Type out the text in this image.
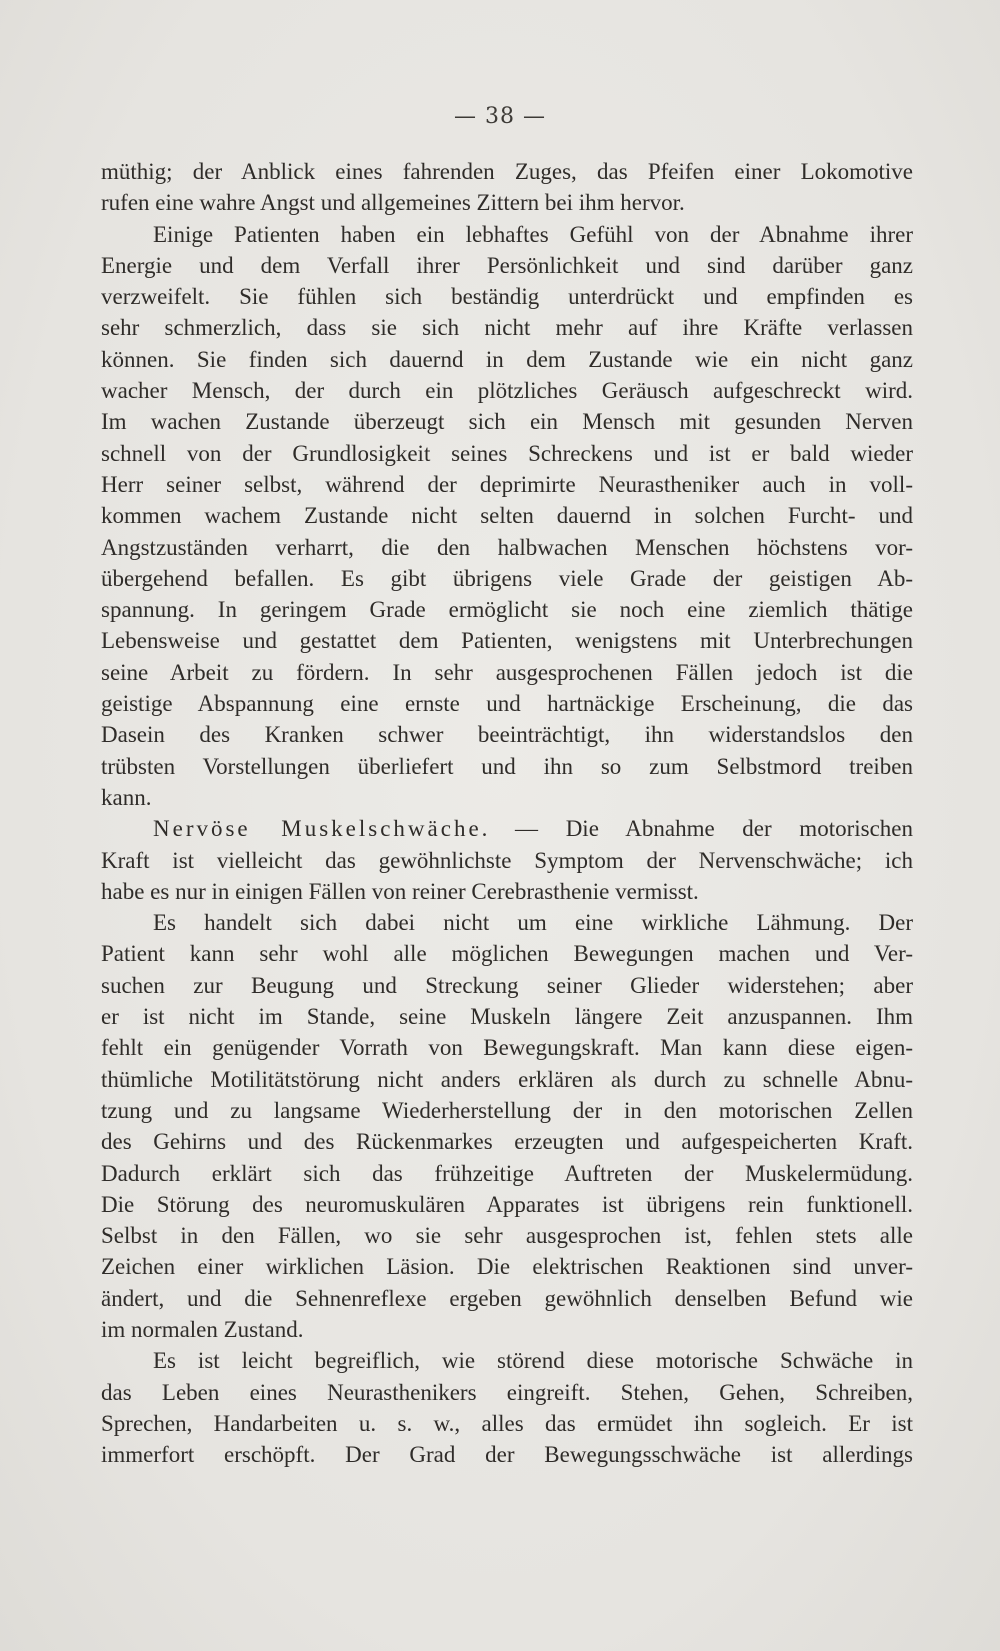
— 38 —
müthig; der Anblick eines fahrenden Zuges, das Pfeifen einer Lokomotive
rufen eine wahre Angst und allgemeines Zittern bei ihm hervor.
Einige Patienten haben ein lebhaftes Gefühl von der Abnahme ihrer
Energie und dem Verfall ihrer Persönlichkeit und sind darüber ganz
verzweifelt. Sie fühlen sich beständig unterdrückt und empfinden es
sehr schmerzlich, dass sie sich nicht mehr auf ihre Kräfte verlassen
können. Sie finden sich dauernd in dem Zustande wie ein nicht ganz
wacher Mensch, der durch ein plötzliches Geräusch aufgeschreckt wird.
Im wachen Zustande überzeugt sich ein Mensch mit gesunden Nerven
schnell von der Grundlosigkeit seines Schreckens und ist er bald wieder
Herr seiner selbst, während der deprimirte Neurastheniker auch in voll-
kommen wachem Zustande nicht selten dauernd in solchen Furcht- und
Angstzuständen verharrt, die den halbwachen Menschen höchstens vor-
übergehend befallen. Es gibt übrigens viele Grade der geistigen Ab-
spannung. In geringem Grade ermöglicht sie noch eine ziemlich thätige
Lebensweise und gestattet dem Patienten, wenigstens mit Unterbrechungen
seine Arbeit zu fördern. In sehr ausgesprochenen Fällen jedoch ist die
geistige Abspannung eine ernste und hartnäckige Erscheinung, die das
Dasein des Kranken schwer beeinträchtigt, ihn widerstandslos den
trübsten Vorstellungen überliefert und ihn so zum Selbstmord treiben
kann.
Nervöse Muskelschwäche. — Die Abnahme der motorischen
Kraft ist vielleicht das gewöhnlichste Symptom der Nervenschwäche; ich
habe es nur in einigen Fällen von reiner Cerebrasthenie vermisst.
Es handelt sich dabei nicht um eine wirkliche Lähmung. Der
Patient kann sehr wohl alle möglichen Bewegungen machen und Ver-
suchen zur Beugung und Streckung seiner Glieder widerstehen; aber
er ist nicht im Stande, seine Muskeln längere Zeit anzuspannen. Ihm
fehlt ein genügender Vorrath von Bewegungskraft. Man kann diese eigen-
thümliche Motilitätstörung nicht anders erklären als durch zu schnelle Abnu-
tzung und zu langsame Wiederherstellung der in den motorischen Zellen
des Gehirns und des Rückenmarkes erzeugten und aufgespeicherten Kraft.
Dadurch erklärt sich das frühzeitige Auftreten der Muskelermüdung.
Die Störung des neuromuskulären Apparates ist übrigens rein funktionell.
Selbst in den Fällen, wo sie sehr ausgesprochen ist, fehlen stets alle
Zeichen einer wirklichen Läsion. Die elektrischen Reaktionen sind unver-
ändert, und die Sehnenreflexe ergeben gewöhnlich denselben Befund wie
im normalen Zustand.
Es ist leicht begreiflich, wie störend diese motorische Schwäche in
das Leben eines Neurasthenikers eingreift. Stehen, Gehen, Schreiben,
Sprechen, Handarbeiten u. s. w., alles das ermüdet ihn sogleich. Er ist
immerfort erschöpft. Der Grad der Bewegungsschwäche ist allerdings
